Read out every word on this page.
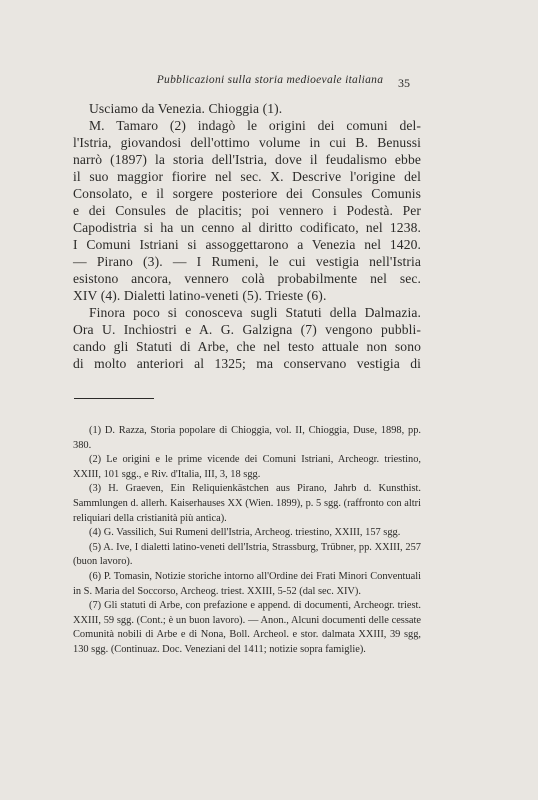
Pubblicazioni sulla storia medioevale italiana	35
Usciamo da Venezia. Chioggia (1).
M. Tamaro (2) indagò le origini dei comuni del-
l'Istria, giovandosi dell'ottimo volume in cui B. Benussi
narrò (1897) la storia dell'Istria, dove il feudalismo ebbe
il suo maggior fiorire nel sec. X. Descrive l'origine del
Consolato, e il sorgere posteriore dei Consules Comunis
e dei Consules de placitis; poi vennero i Podestà. Per
Capodistria si ha un cenno al diritto codificato, nel 1238.
I Comuni Istriani si assoggettarono a Venezia nel 1420.
— Pirano (3). — I Rumeni, le cui vestigia nell'Istria
esistono ancora, vennero colà probabilmente nel sec.
XIV (4). Dialetti latino-veneti (5). Trieste (6).
Finora poco si conosceva sugli Statuti della Dalmazia.
Ora U. Inchiostri e A. G. Galzigna (7) vengono pubbli-
cando gli Statuti di Arbe, che nel testo attuale non sono
di molto anteriori al 1325; ma conservano vestigia di

(1) D. Razza, Storia popolare di Chioggia, vol. II, Chioggia, Duse, 1898, pp. 380.

(2) Le origini e le prime vicende dei Comuni Istriani, Archeogr. triestino, XXIII, 101 sgg., e Riv. d'Italia, III, 3, 18 sgg.

(3) H. Graeven, Ein Reliquienkästchen aus Pirano, Jahrb d. Kunsthist. Sammlungen d. allerh. Kaiserhauses XX (Wien. 1899), p. 5 sgg. (raffronto con altri reliquiari della cristianità più antica).

(4) G. Vassilich, Sui Rumeni dell'Istria, Archeog. triestino, XXIII, 157 sgg.

(5) A. Ive, I dialetti latino-veneti dell'Istria, Strassburg, Trübner, pp. XXIII, 257 (buon lavoro).

(6) P. Tomasin, Notizie storiche intorno all'Ordine dei Frati Minori Conventuali in S. Maria del Soccorso, Archeog. triest. XXIII, 5-52 (dal sec. XIV).

(7) Gli statuti di Arbe, con prefazione e append. di documenti, Archeogr. triest. XXIII, 59 sgg. (Cont.; è un buon lavoro). — Anon., Alcuni documenti delle cessate Comunità nobili di Arbe e di Nona, Boll. Archeol. e stor. dalmata XXIII, 39 sgg, 130 sgg. (Continuaz. Doc. Veneziani del 1411; notizie sopra famiglie).
